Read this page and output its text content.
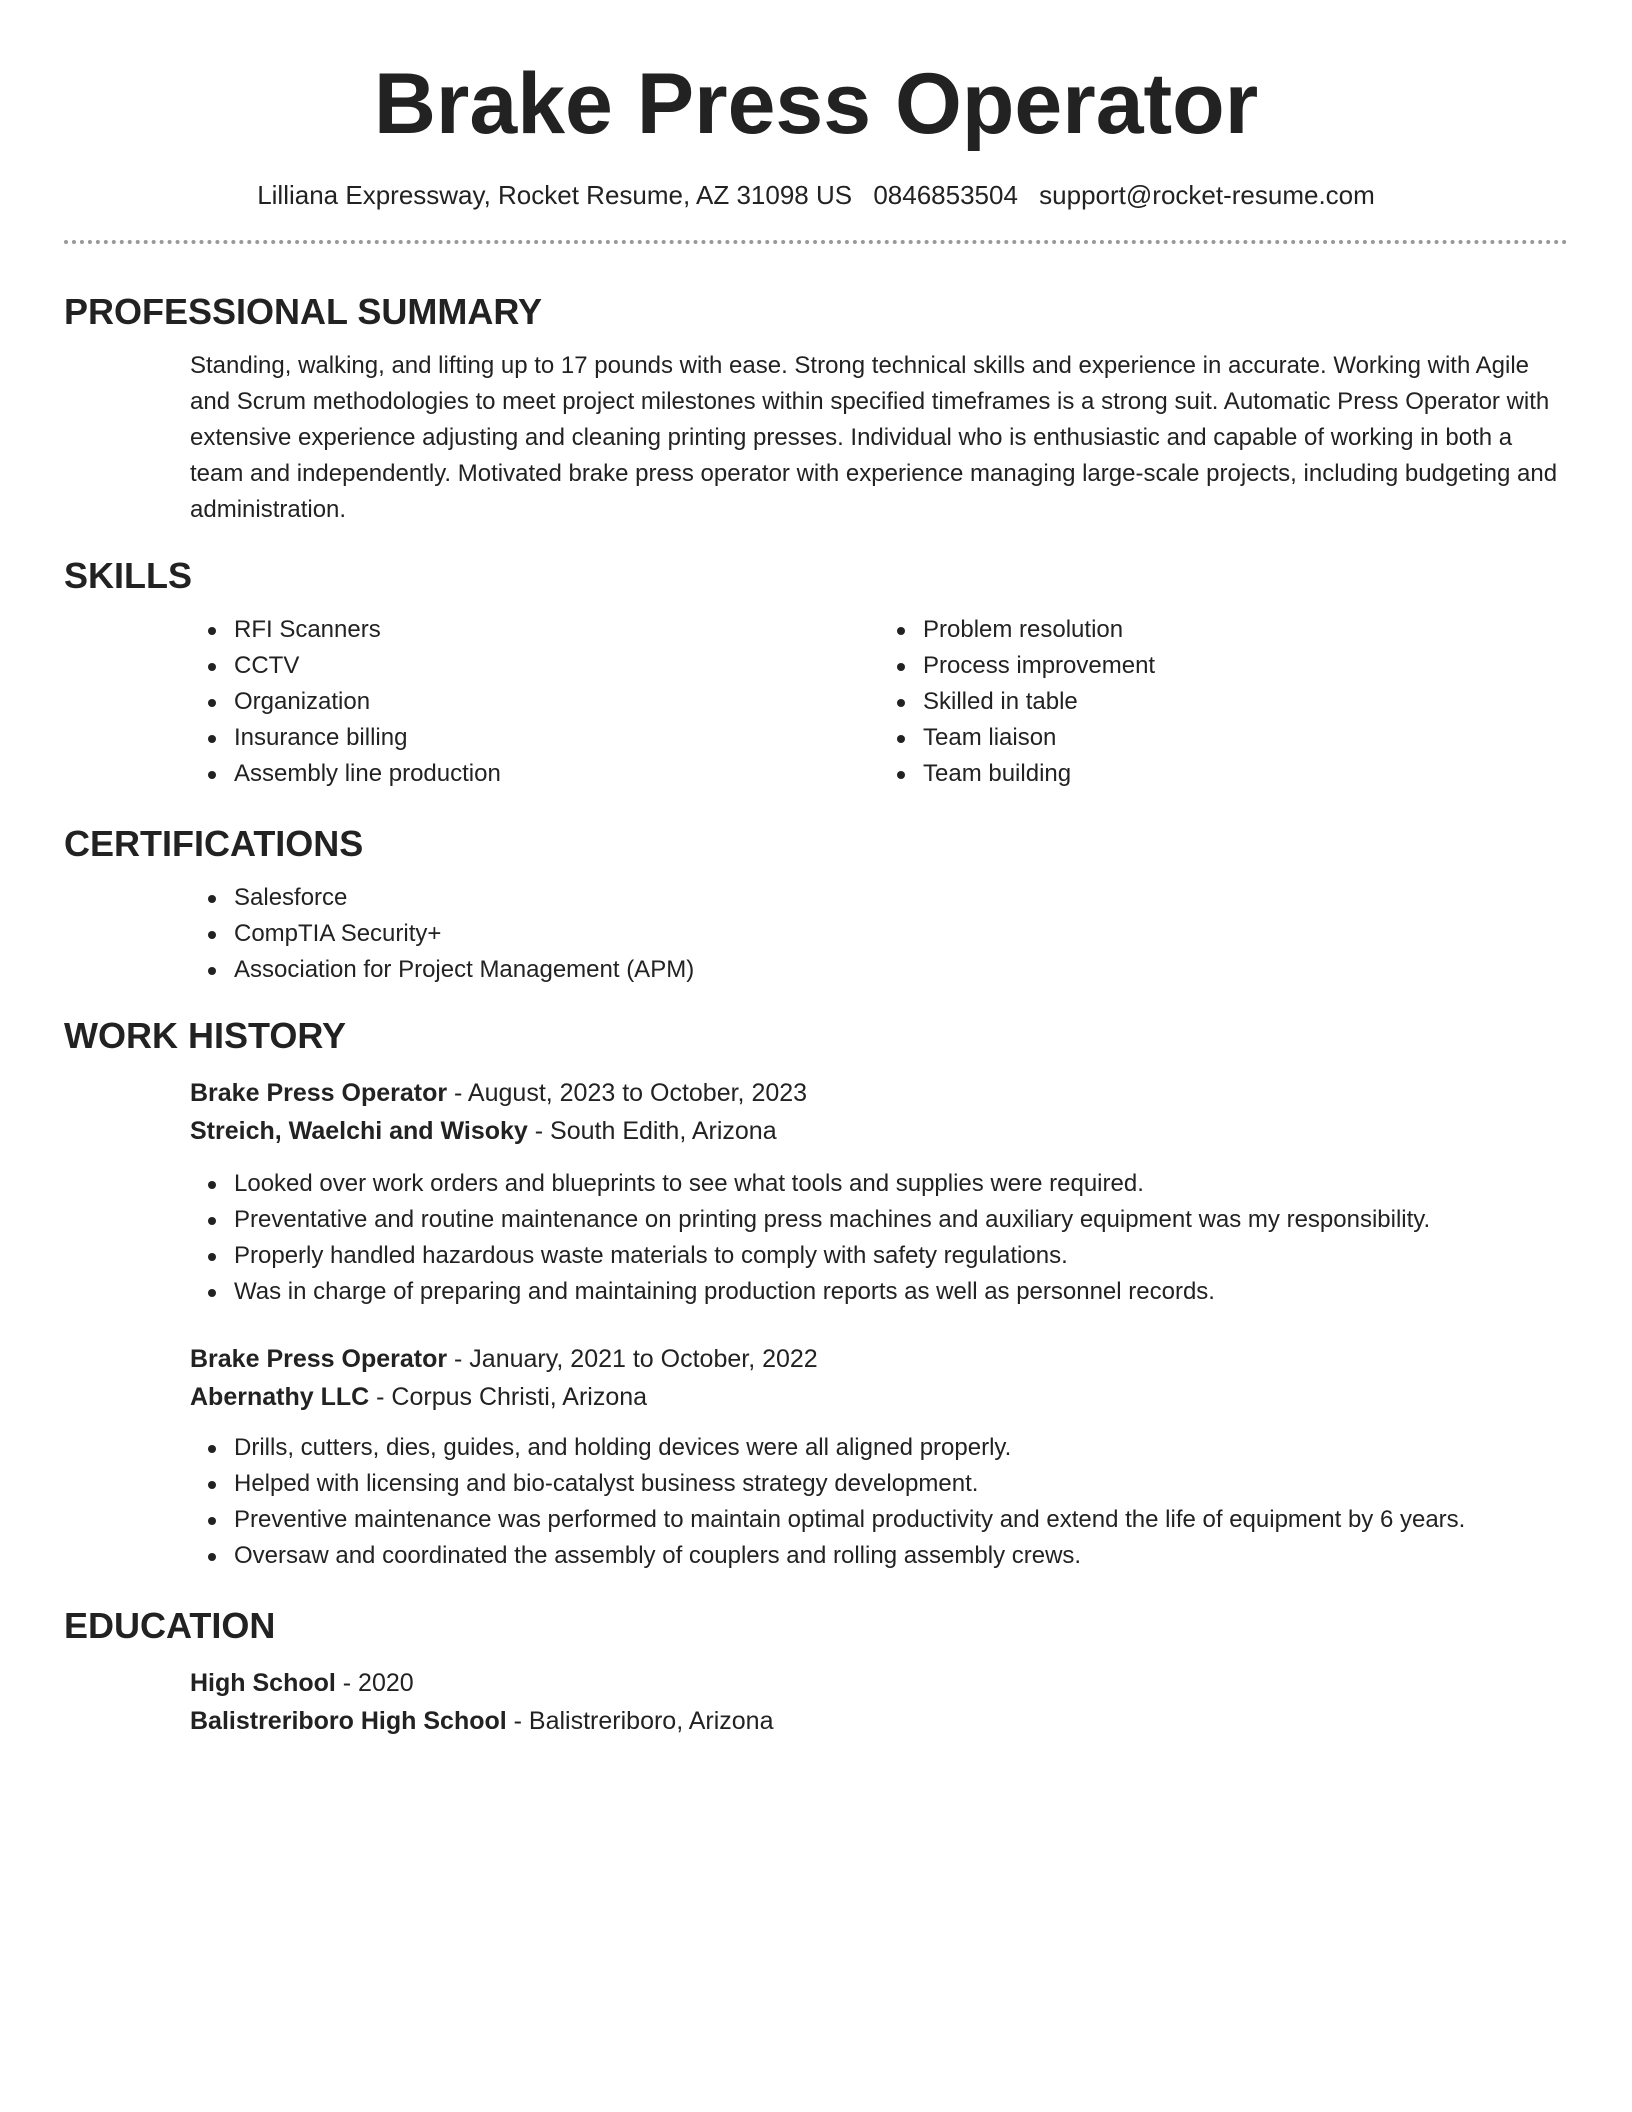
Brake Press Operator
Lilliana Expressway, Rocket Resume, AZ 31098 US 0846853504 support@rocket-resume.com
PROFESSIONAL SUMMARY
Standing, walking, and lifting up to 17 pounds with ease. Strong technical skills and experience in accurate. Working with Agile and Scrum methodologies to meet project milestones within specified timeframes is a strong suit. Automatic Press Operator with extensive experience adjusting and cleaning printing presses. Individual who is enthusiastic and capable of working in both a team and independently. Motivated brake press operator with experience managing large-scale projects, including budgeting and administration.
SKILLS
RFI Scanners
CCTV
Organization
Insurance billing
Assembly line production
Problem resolution
Process improvement
Skilled in table
Team liaison
Team building
CERTIFICATIONS
Salesforce
CompTIA Security+
Association for Project Management (APM)
WORK HISTORY
Brake Press Operator - August, 2023 to October, 2023
Streich, Waelchi and Wisoky - South Edith, Arizona
Looked over work orders and blueprints to see what tools and supplies were required.
Preventative and routine maintenance on printing press machines and auxiliary equipment was my responsibility.
Properly handled hazardous waste materials to comply with safety regulations.
Was in charge of preparing and maintaining production reports as well as personnel records.
Brake Press Operator - January, 2021 to October, 2022
Abernathy LLC - Corpus Christi, Arizona
Drills, cutters, dies, guides, and holding devices were all aligned properly.
Helped with licensing and bio-catalyst business strategy development.
Preventive maintenance was performed to maintain optimal productivity and extend the life of equipment by 6 years.
Oversaw and coordinated the assembly of couplers and rolling assembly crews.
EDUCATION
High School - 2020
Balistreriboro High School - Balistreriboro, Arizona
